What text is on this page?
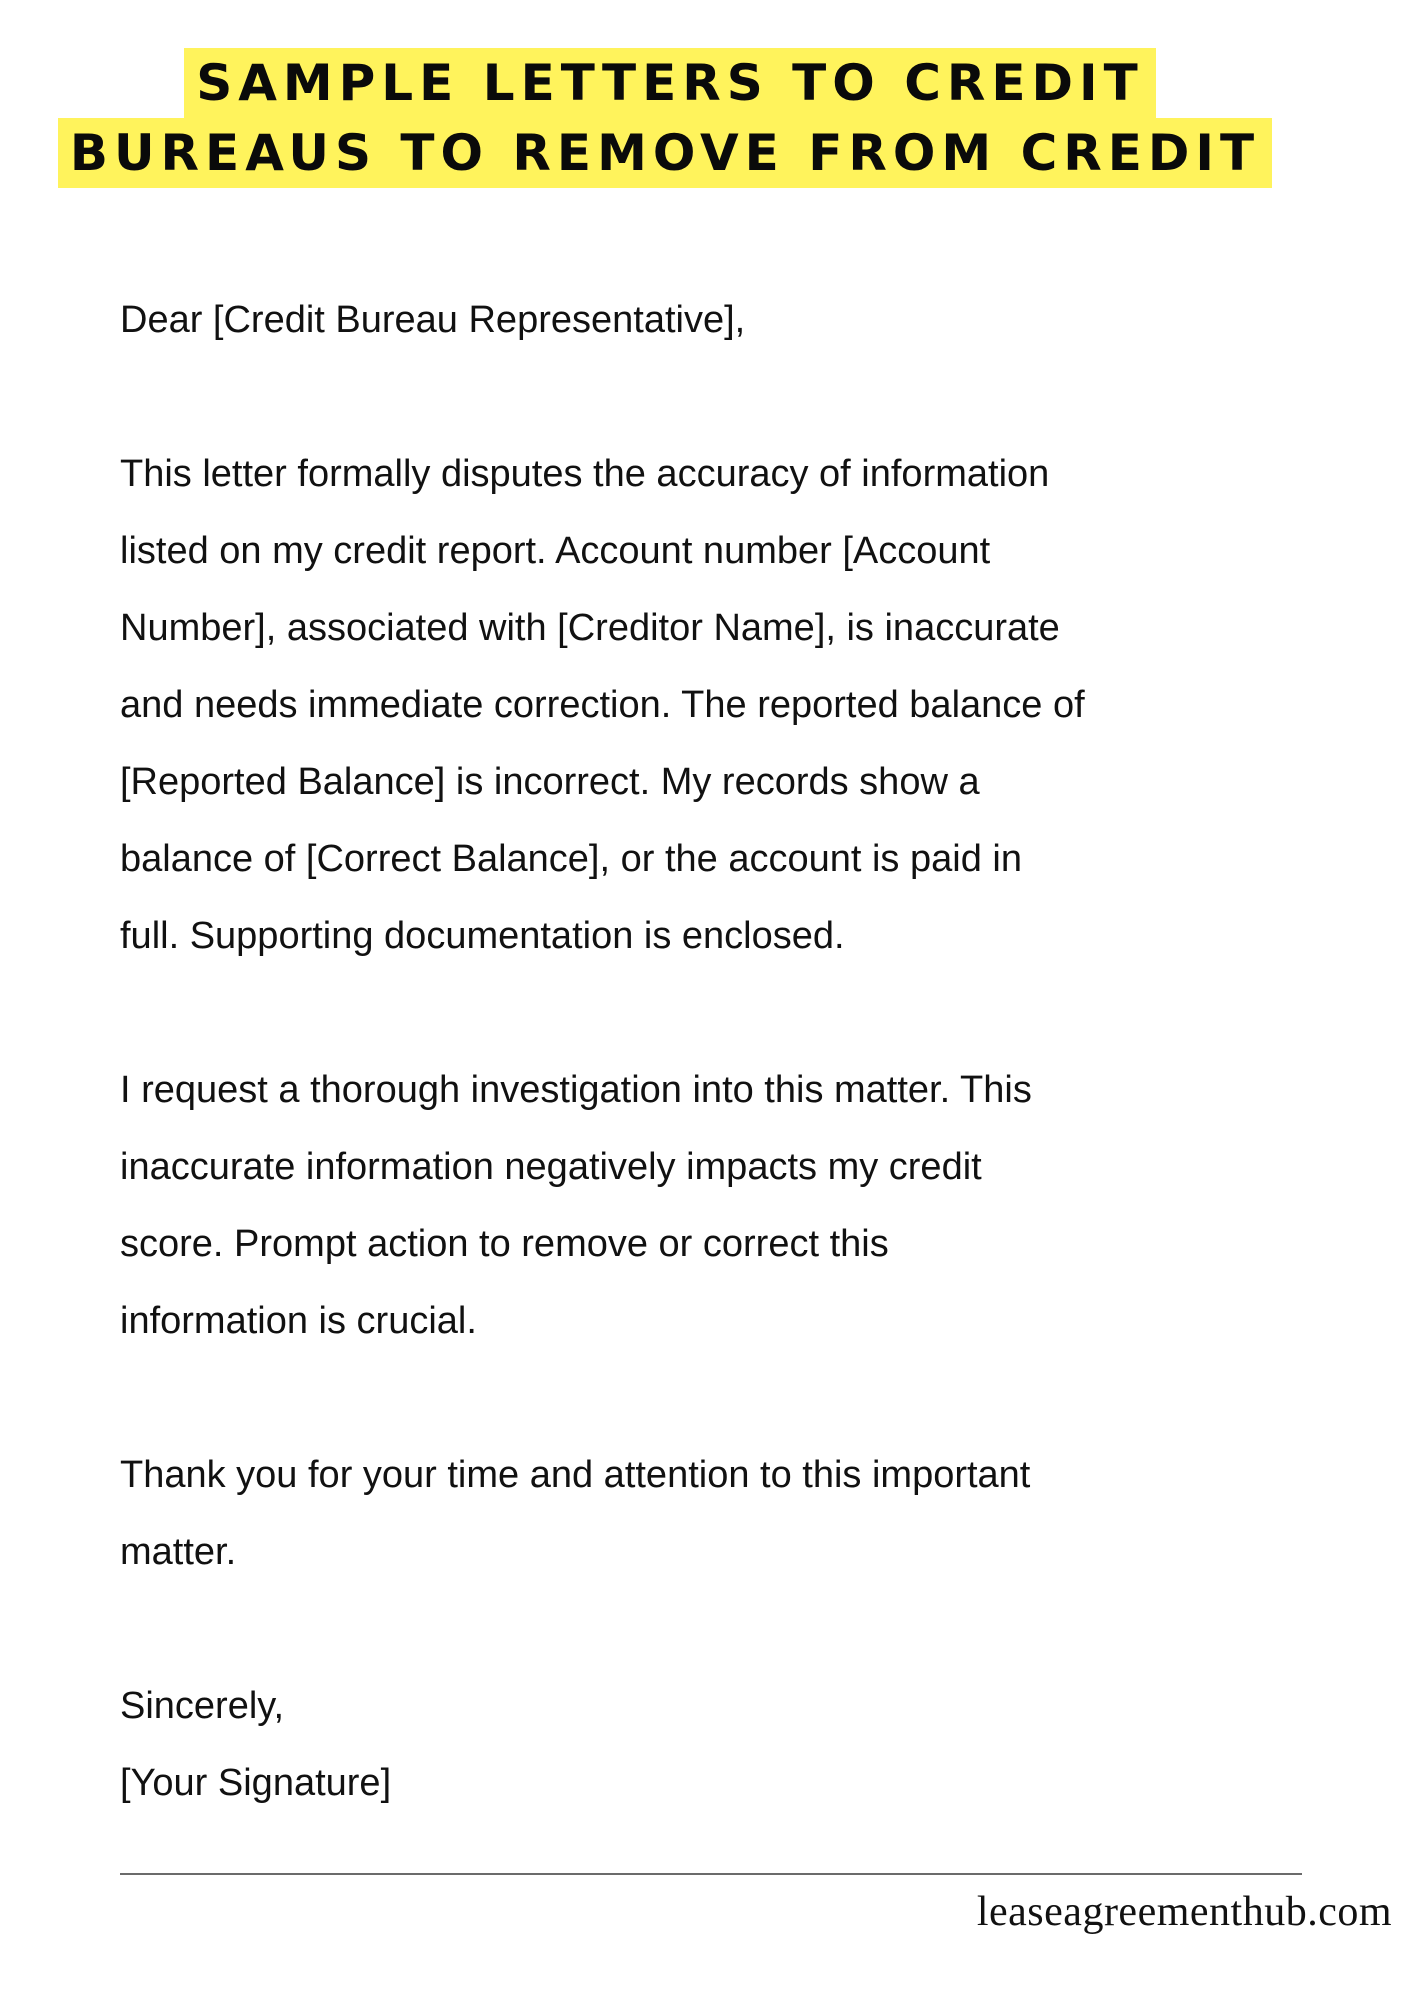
SAMPLE LETTERS TO CREDIT
BUREAUS TO REMOVE FROM CREDIT

Dear [Credit Bureau Representative],

This letter formally disputes the accuracy of information

listed on my credit report. Account number [Account

Number], associated with [Creditor Name], is inaccurate

and needs immediate correction. The reported balance of

[Reported Balance] is incorrect. My records show a

balance of [Correct Balance], or the account is paid in

full. Supporting documentation is enclosed.

I request a thorough investigation into this matter. This

inaccurate information negatively impacts my credit

score. Prompt action to remove or correct this

information is crucial.

Thank you for your time and attention to this important

matter.

Sincerely,

[Your Signature]

leaseagreementhub.com
